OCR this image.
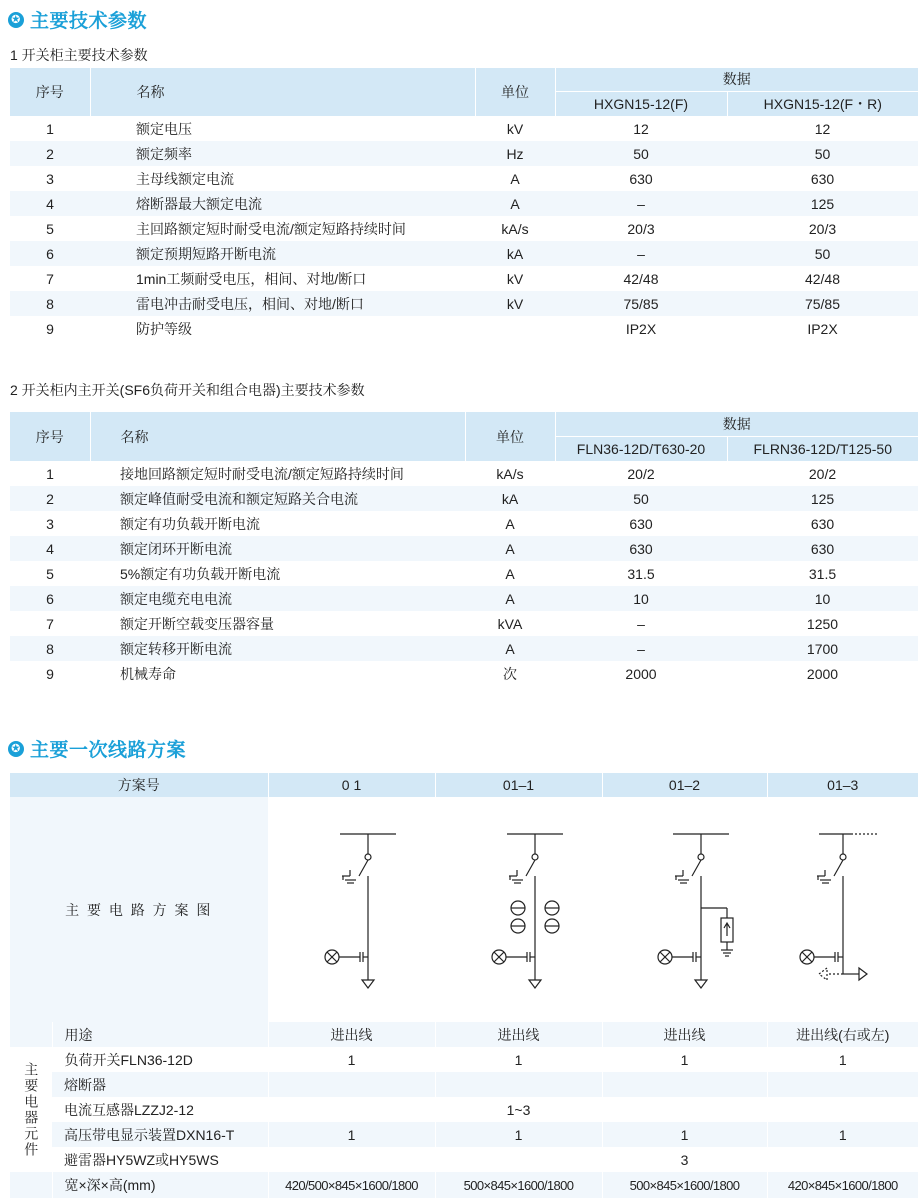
✪ 主要技术参数
1 开关柜主要技术参数
序号	名称	单位	数据	
			HXGN15-12(F)	HXGN15-12(F・R)
1	额定电压	kV	12	12
2	额定频率	Hz	50	50
3	主母线额定电流	A	630	630
4	熔断器最大额定电流	A	–	125
5	主回路额定短时耐受电流/额定短路持续时间	kA/s	20/3	20/3
6	额定预期短路开断电流	kA	–	50
7	1min工频耐受电压，相间、对地/断口	kV	42/48	42/48
8	雷电冲击耐受电压，相间、对地/断口	kV	75/85	75/85
9	防护等级		IP2X	IP2X
2 开关柜内主开关(SF6负荷开关和组合电器)主要技术参数
序号	名称	单位	数据	
			FLN36-12D/T630-20	FLRN36-12D/T125-50
1	接地回路额定短时耐受电流/额定短路持续时间	kA/s	20/2	20/2
2	额定峰值耐受电流和额定短路关合电流	kA	50	125
3	额定有功负载开断电流	A	630	630
4	额定闭环开断电流	A	630	630
5	5%额定有功负载开断电流	A	31.5	31.5
6	额定电缆充电电流	A	10	10
7	额定开断空载变压器容量	kVA	–	1250
8	额定转移开断电流	A	–	1700
9	机械寿命	次	2000	2000
✪ 主要一次线路方案
方案号		0 1	01–1	01–2	01–3
主 要 电 路 方 案 图	

	用途	进出线	进出线	进出线	进出线(右或左)
主要电器元件	负荷开关FLN36-12D	1	1	1	1
	熔断器				
	电流互感器LZZJ2-12		1~3		
	高压带电显示装置DXN16-T	1	1	1	1
	避雷器HY5WZ或HY5WS			3	
	宽×深×高(mm)	420/500×845×1600/1800	500×845×1600/1800	500×845×1600/1800	420×845×1600/1800
